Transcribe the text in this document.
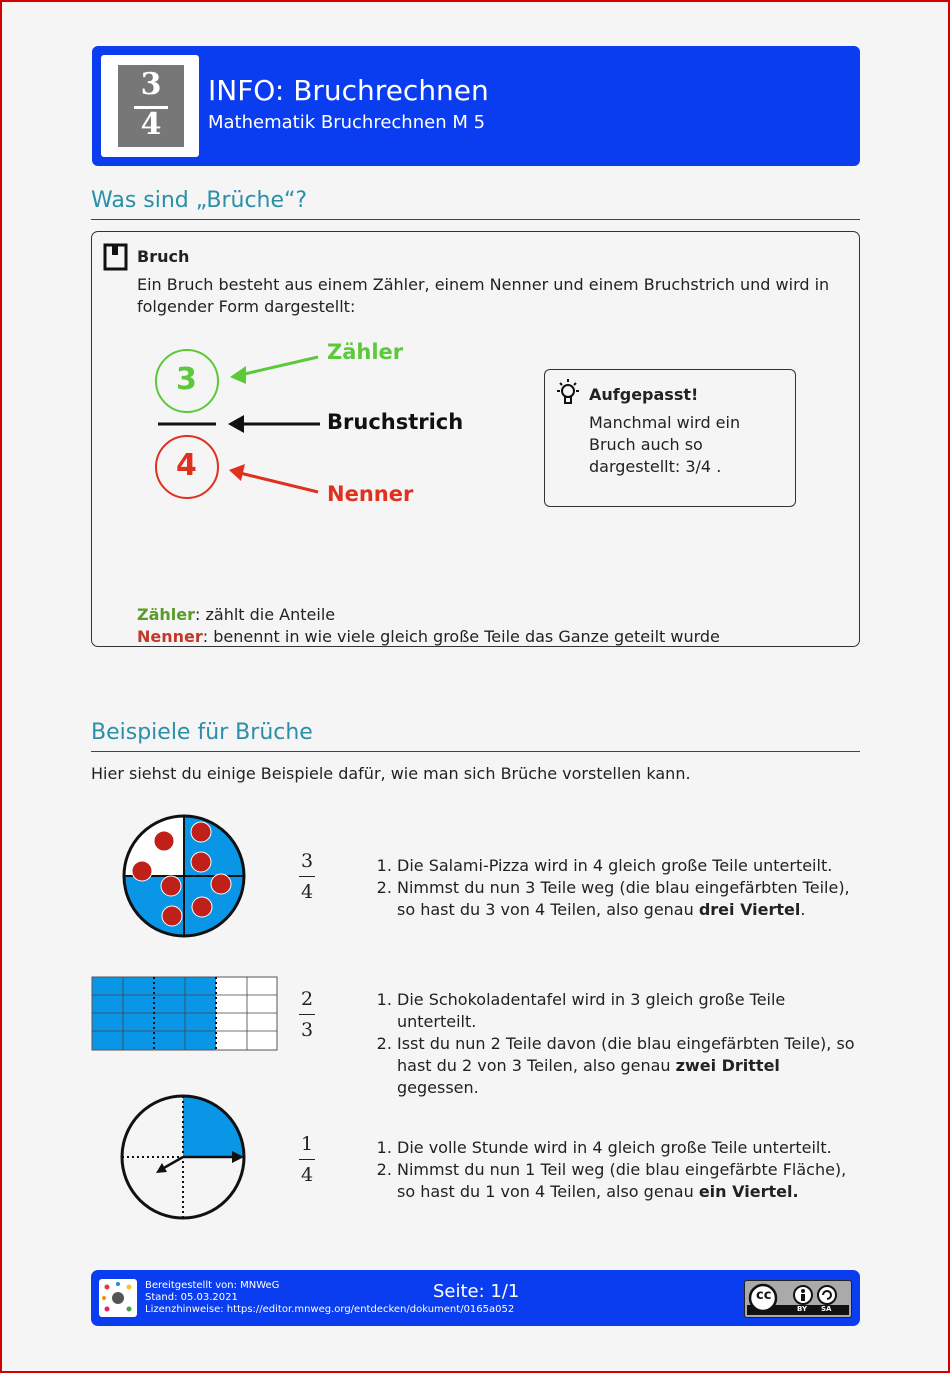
3
4
INFO: Bruchrechnen
Mathematik Bruchrechnen M 5
Was sind „Brüche“?
Bruch
Ein Bruch besteht aus einem Zähler, einem Nenner und einem Bruchstrich und wird in folgender Form dargestellt:
3
4
Zähler
Bruchstrich
Nenner
Aufgepasst!
Manchmal wird ein Bruch auch so dargestellt: 3/4 .
Zähler: zählt die Anteile
Nenner: benennt in wie viele gleich große Teile das Ganze geteilt wurde
Beispiele für Brüche
Hier siehst du einige Beispiele dafür, wie man sich Brüche vorstellen kann.
3
4
1. Die Salami-Pizza wird in 4 gleich große Teile unterteilt.
2. Nimmst du nun 3 Teile weg (die blau eingefärbten Teile), so hast du 3 von 4 Teilen, also genau drei Viertel.
2
3
1. Die Schokoladentafel wird in 3 gleich große Teile unterteilt.
2. Isst du nun 2 Teile davon (die blau eingefärbten Teile), so hast du 2 von 3 Teilen, also genau zwei Drittel gegessen.
1
4
1. Die volle Stunde wird in 4 gleich große Teile unterteilt.
2. Nimmst du nun 1 Teil weg (die blau eingefärbte Fläche), so hast du 1 von 4 Teilen, also genau ein Viertel.
Bereitgestellt von: MNWeG
Stand: 05.03.2021
Lizenzhinweise: https://editor.mnweg.org/entdecken/dokument/0165a052
Seite: 1/1	cc
BY SA
